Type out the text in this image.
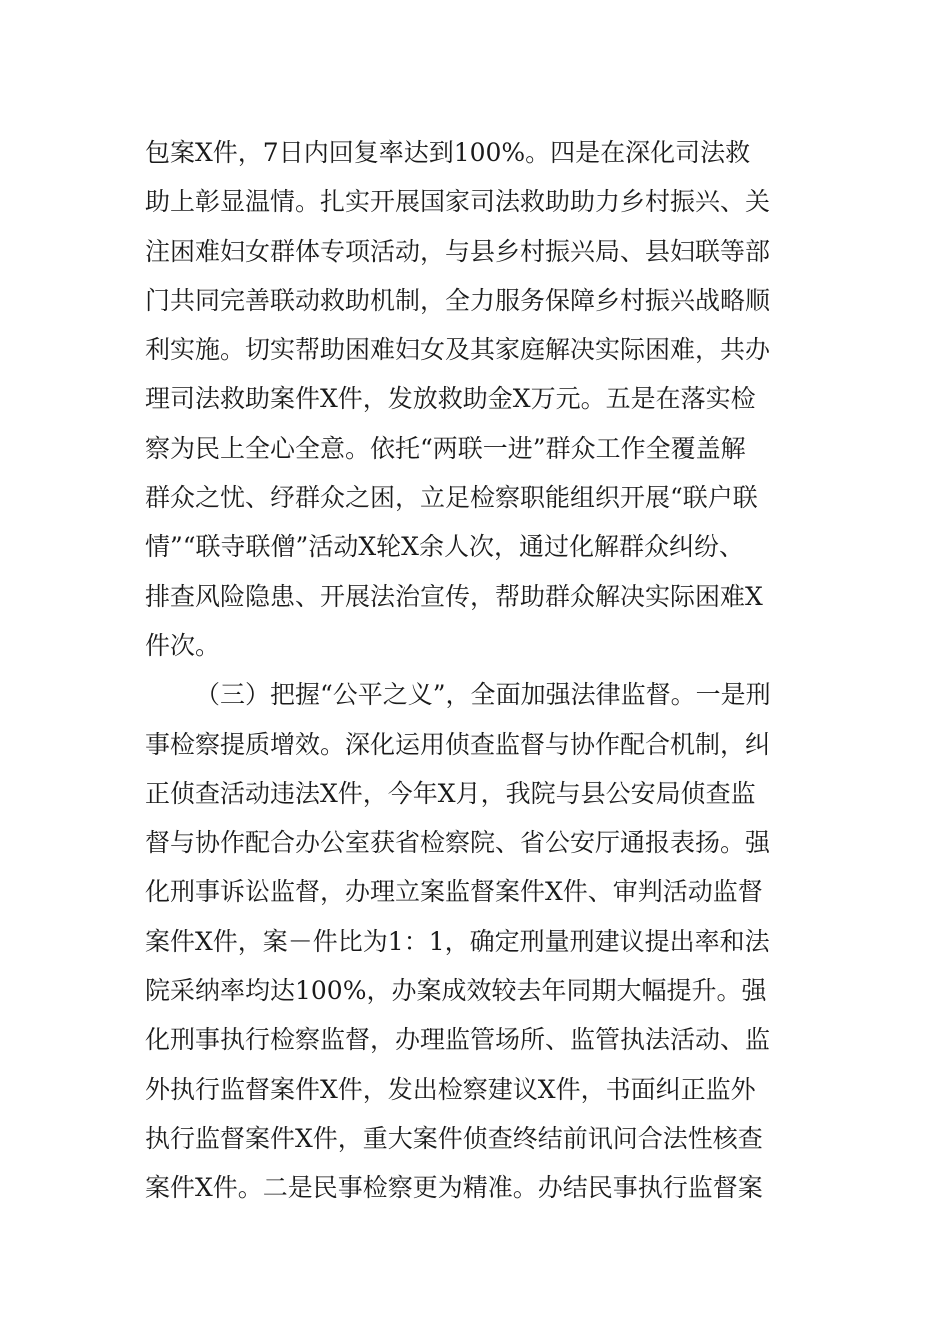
包案X件，7日内回复率达到100%。四是在深化司法救
助上彰显温情。扎实开展国家司法救助助力乡村振兴、关
注困难妇女群体专项活动，与县乡村振兴局、县妇联等部
门共同完善联动救助机制，全力服务保障乡村振兴战略顺
利实施。切实帮助困难妇女及其家庭解决实际困难，共办
理司法救助案件X件，发放救助金X万元。五是在落实检
察为民上全心全意。依托“两联一进”群众工作全覆盖解
群众之忧、纾群众之困，立足检察职能组织开展“联户联
情”“联寺联僧”活动X轮X余人次，通过化解群众纠纷、
排查风险隐患、开展法治宣传，帮助群众解决实际困难X
件次。
（三）把握“公平之义”，全面加强法律监督。一是刑
事检察提质增效。深化运用侦查监督与协作配合机制，纠
正侦查活动违法X件，今年X月，我院与县公安局侦查监
督与协作配合办公室获省检察院、省公安厅通报表扬。强
化刑事诉讼监督，办理立案监督案件X件、审判活动监督
案件X件，案－件比为1：1，确定刑量刑建议提出率和法
院采纳率均达100%，办案成效较去年同期大幅提升。强
化刑事执行检察监督，办理监管场所、监管执法活动、监
外执行监督案件X件，发出检察建议X件，书面纠正监外
执行监督案件X件，重大案件侦查终结前讯问合法性核查
案件X件。二是民事检察更为精准。办结民事执行监督案
